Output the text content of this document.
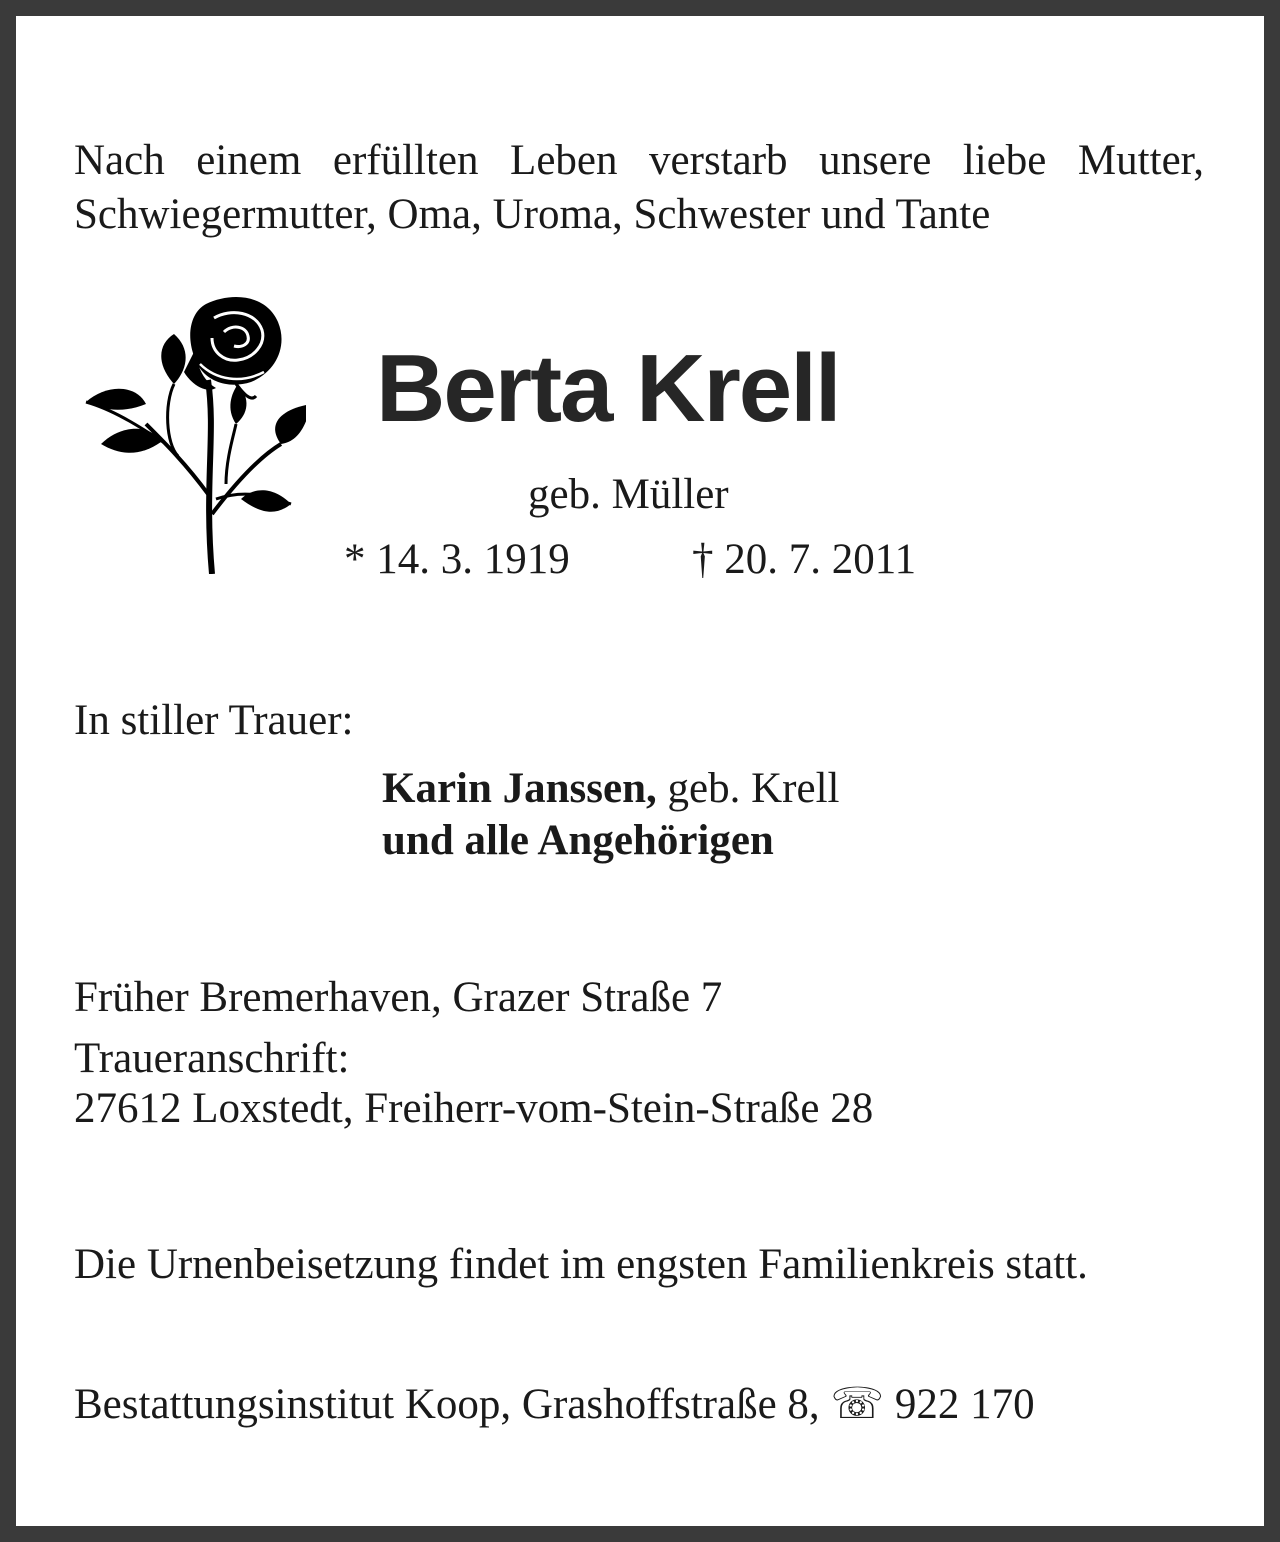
Nach einem erfüllten Leben verstarb unsere liebe Mutter,
Schwiegermutter, Oma, Uroma, Schwester und Tante

Berta Krell

geb. Müller

* 14. 3. 1919	† 20. 7. 2011

In stiller Trauer:

Karin Janssen, geb. Krell

und alle Angehörigen

Früher Bremerhaven, Grazer Straße 7

Traueranschrift:

27612 Loxstedt, Freiherr-vom-Stein-Straße 28

Die Urnenbeisetzung findet im engsten Familienkreis statt.

Bestattungsinstitut Koop, Grashoffstraße 8, ☏ 922 170
